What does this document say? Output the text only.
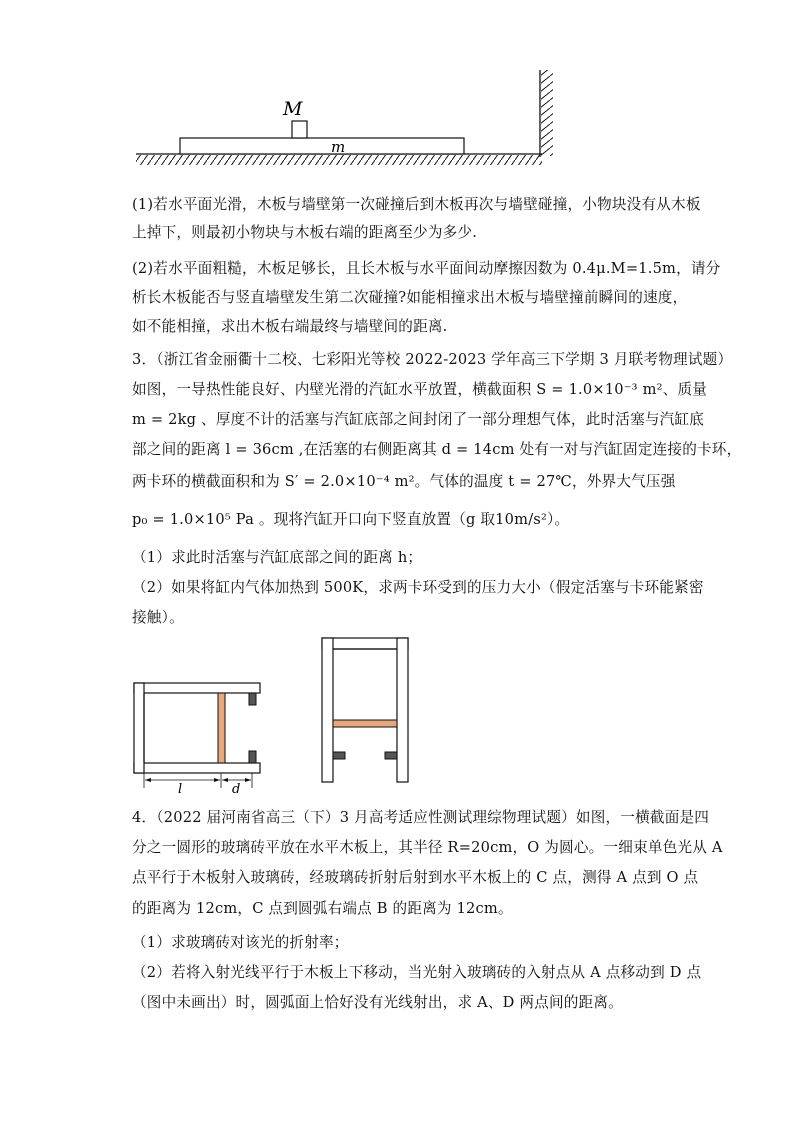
M
m
(1)若水平面光滑，木板与墙壁第一次碰撞后到木板再次与墙壁碰撞，小物块没有从木板
上掉下，则最初小物块与木板右端的距离至少为多少.
(2)若水平面粗糙，木板足够长，且长木板与水平面间动摩擦因数为 0.4μ.M=1.5m，请分
析长木板能否与竖直墙壁发生第二次碰撞?如能相撞求出木板与墙壁撞前瞬间的速度，
如不能相撞，求出木板右端最终与墙壁间的距离.
3．（浙江省金丽衢十二校、七彩阳光等校 2022-2023 学年高三下学期 3 月联考物理试题）
如图，一导热性能良好、内壁光滑的汽缸水平放置，横截面积 S = 1.0×10⁻³ m²、质量
m = 2kg 、厚度不计的活塞与汽缸底部之间封闭了一部分理想气体，此时活塞与汽缸底
部之间的距离 l = 36cm ,在活塞的右侧距离其 d = 14cm 处有一对与汽缸固定连接的卡环，
两卡环的横截面积和为 S′ = 2.0×10⁻⁴ m²。气体的温度 t = 27℃，外界大气压强
p₀ = 1.0×10⁵ Pa 。现将汽缸开口向下竖直放置（g 取10m/s²）。
（1）求此时活塞与汽缸底部之间的距离 h；
（2）如果将缸内气体加热到 500K，求两卡环受到的压力大小（假定活塞与卡环能紧密
接触）。
l	d
4．（2022 届河南省高三（下）3 月高考适应性测试理综物理试题）如图，一横截面是四
分之一圆形的玻璃砖平放在水平木板上，其半径 R=20cm，O 为圆心。一细束单色光从 A
点平行于木板射入玻璃砖，经玻璃砖折射后射到水平木板上的 C 点，测得 A 点到 O 点
的距离为 12cm，C 点到圆弧右端点 B 的距离为 12cm。
（1）求玻璃砖对该光的折射率；
（2）若将入射光线平行于木板上下移动，当光射入玻璃砖的入射点从 A 点移动到 D 点
（图中未画出）时，圆弧面上恰好没有光线射出，求 A、D 两点间的距离。
